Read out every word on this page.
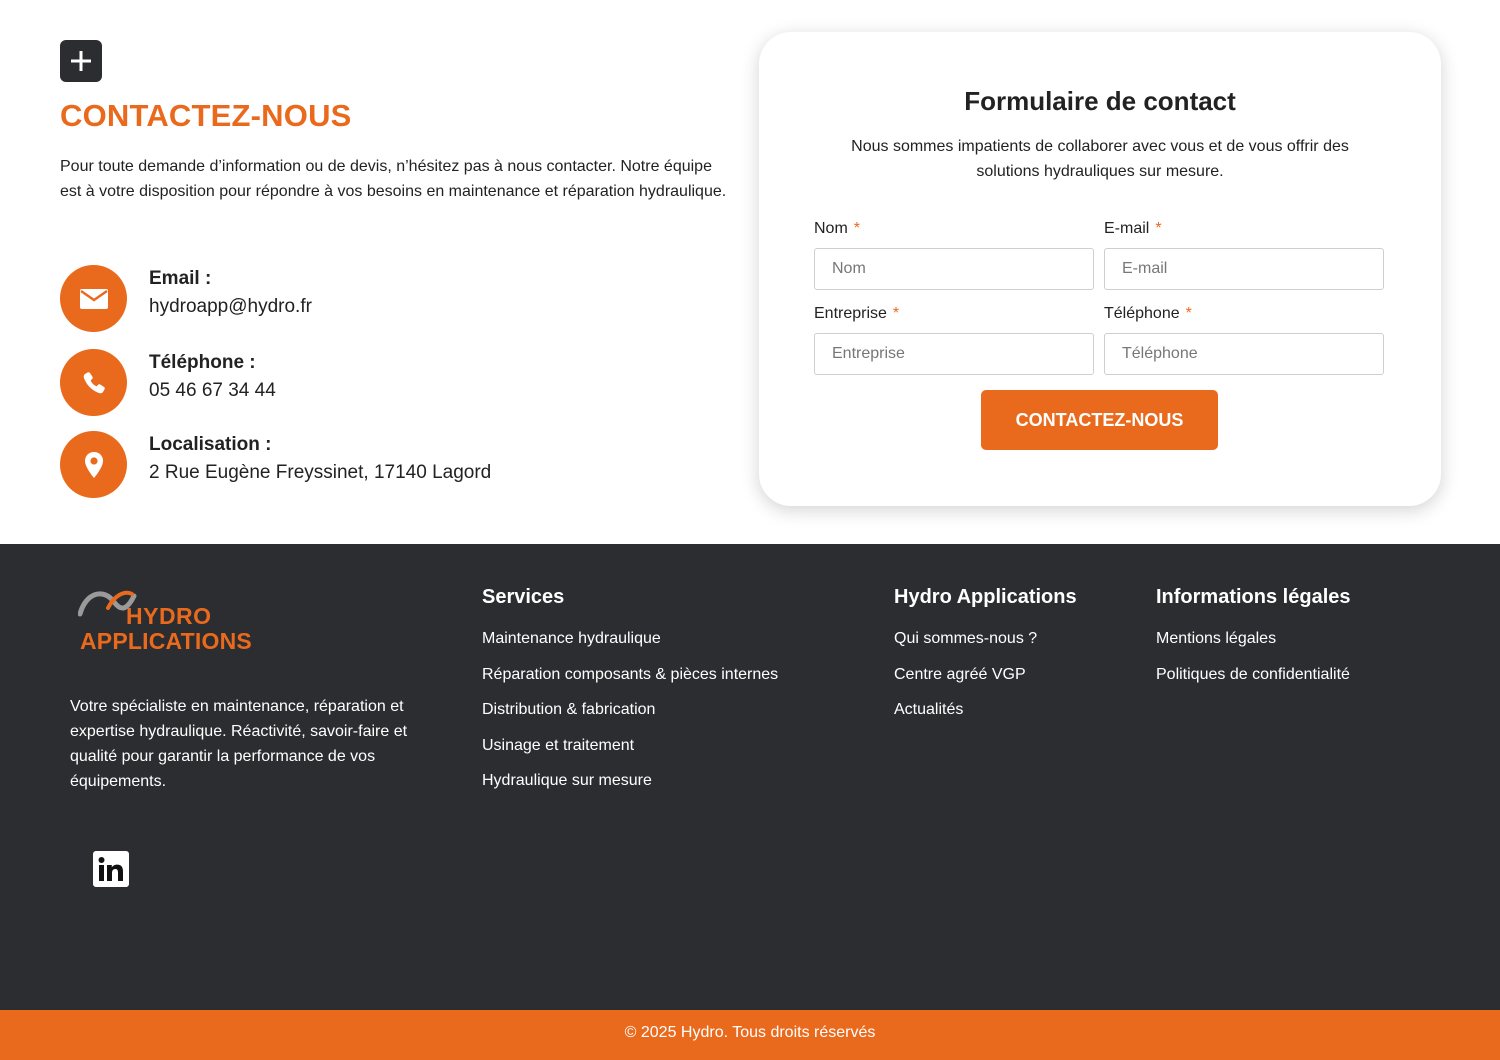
CONTACTEZ-NOUS

Pour toute demande d’information ou de devis, n’hésitez pas à nous contacter. Notre équipe est à votre disposition pour répondre à vos besoins en maintenance et réparation hydraulique.

Email :
hydroapp@hydro.fr
Téléphone :
05 46 67 34 44
Localisation :
2 Rue Eugène Freyssinet, 17140 Lagord
Formulaire de contact

Nous sommes impatients de collaborer avec vous et de vous offrir des solutions hydrauliques sur mesure.

Nom *
Nom	E-mail *
E-mail
Entreprise *
Entreprise	Téléphone *
Téléphone
CONTACTEZ-NOUS
HYDRO
APPLICATIONS

Votre spécialiste en maintenance, réparation et expertise hydraulique. Réactivité, savoir-faire et qualité pour garantir la performance de vos équipements.

Services
Maintenance hydraulique
Réparation composants & pièces internes
Distribution & fabrication
Usinage et traitement
Hydraulique sur mesure
Hydro Applications
Qui sommes-nous ?
Centre agréé VGP
Actualités
Informations légales
Mentions légales
Politiques de confidentialité
© 2025 Hydro. Tous droits réservés
